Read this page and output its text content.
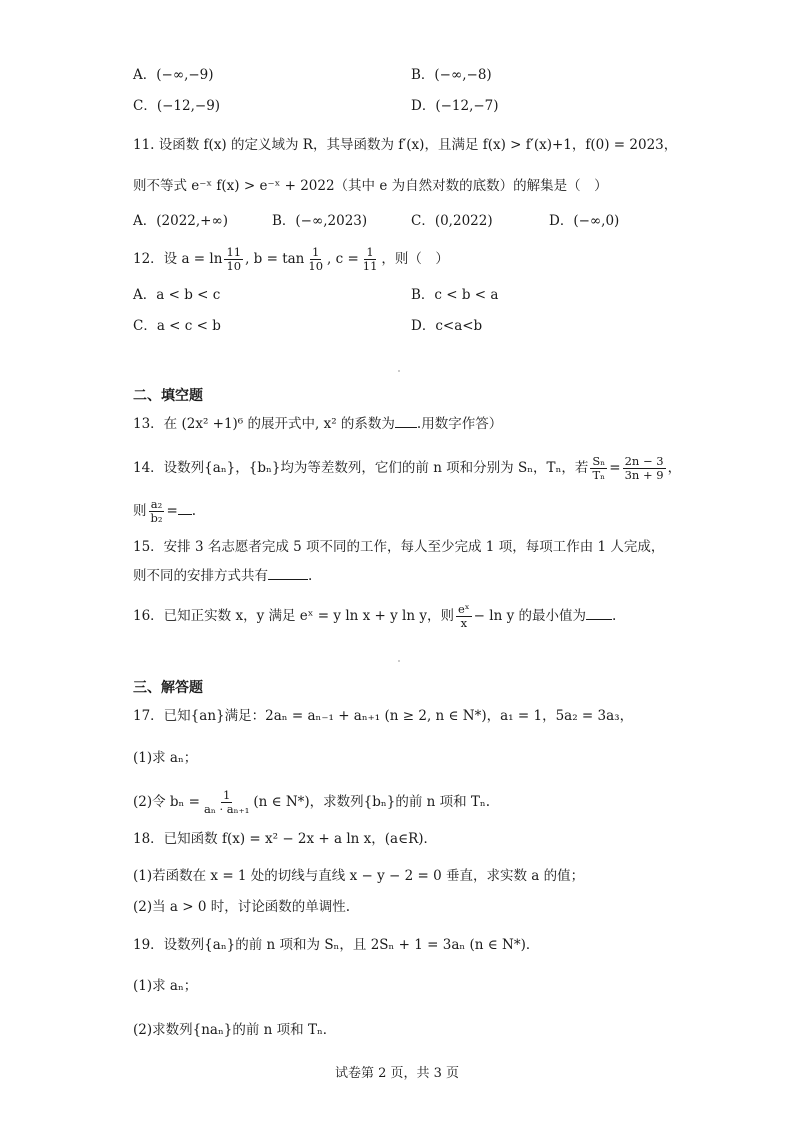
A．(−∞,−9)	B．(−∞,−8)
C．(−12,−9)	D．(−12,−7)
11. 设函数 f(x) 的定义域为 R，其导函数为 f′(x)，且满足 f(x) > f′(x)+1，f(0) = 2023，
则不等式 e⁻ˣ f(x) > e⁻ˣ + 2022（其中 e 为自然对数的底数）的解集是（　）
A．(2022,+∞)	B．(−∞,2023)	C．(0,2022)	D．(−∞,0)
12．设 $a = \ln \frac{11}{10}$ , $b = \tan \frac{1}{10}$ , $c = \frac{1}{11}$ ，则（　）
A．a < b < c	B．c < b < a
C．a < c < b	D．c<a<b
二、填空题
13．在 (2x² +1)⁶ 的展开式中, x² 的系数为 .用数字作答）
14．设数列{aₙ}，{bₙ}均为等差数列，它们的前 n 项和分别为 Sₙ，Tₙ，若 $\frac{\text{Sₙ}}{\text{Tₙ}} = \frac{2n - 3}{3n + 9}$ ，
则 $\frac{\text{a₂}}{\text{b₂}}$ = .
15．安排 3 名志愿者完成 5 项不同的工作，每人至少完成 1 项，每项工作由 1 人完成，
则不同的安排方式共有	.
16．已知正实数 x，y 满足 eˣ = y ln x + y ln y，则 $\frac{\text{eˣ}}{x} - \ln y$ 的最小值为 .
三、解答题
17．已知{an}满足：2aₙ = aₙ₋₁ + aₙ₊₁ (n ≥ 2, n ∈ N*)，a₁ = 1，5a₂ = 3a₃，
(1)求 aₙ；
(2)令 $b_n = \frac{1}{\text{aₙ · aₙ₊₁}} (n$ ∈ N*)，求数列{bₙ}的前 n 项和 Tₙ.
18．已知函数 f(x) = x² − 2x + a ln x，(a∈R)．
(1)若函数在 x = 1 处的切线与直线 x − y − 2 = 0 垂直，求实数 a 的值；
(2)当 a > 0 时，讨论函数的单调性.
19．设数列{aₙ}的前 n 项和为 Sₙ，且 2Sₙ + 1 = 3aₙ (n ∈ N*)．
(1)求 aₙ；
(2)求数列{naₙ}的前 n 项和 Tₙ．
试卷第 2 页，共 3 页
